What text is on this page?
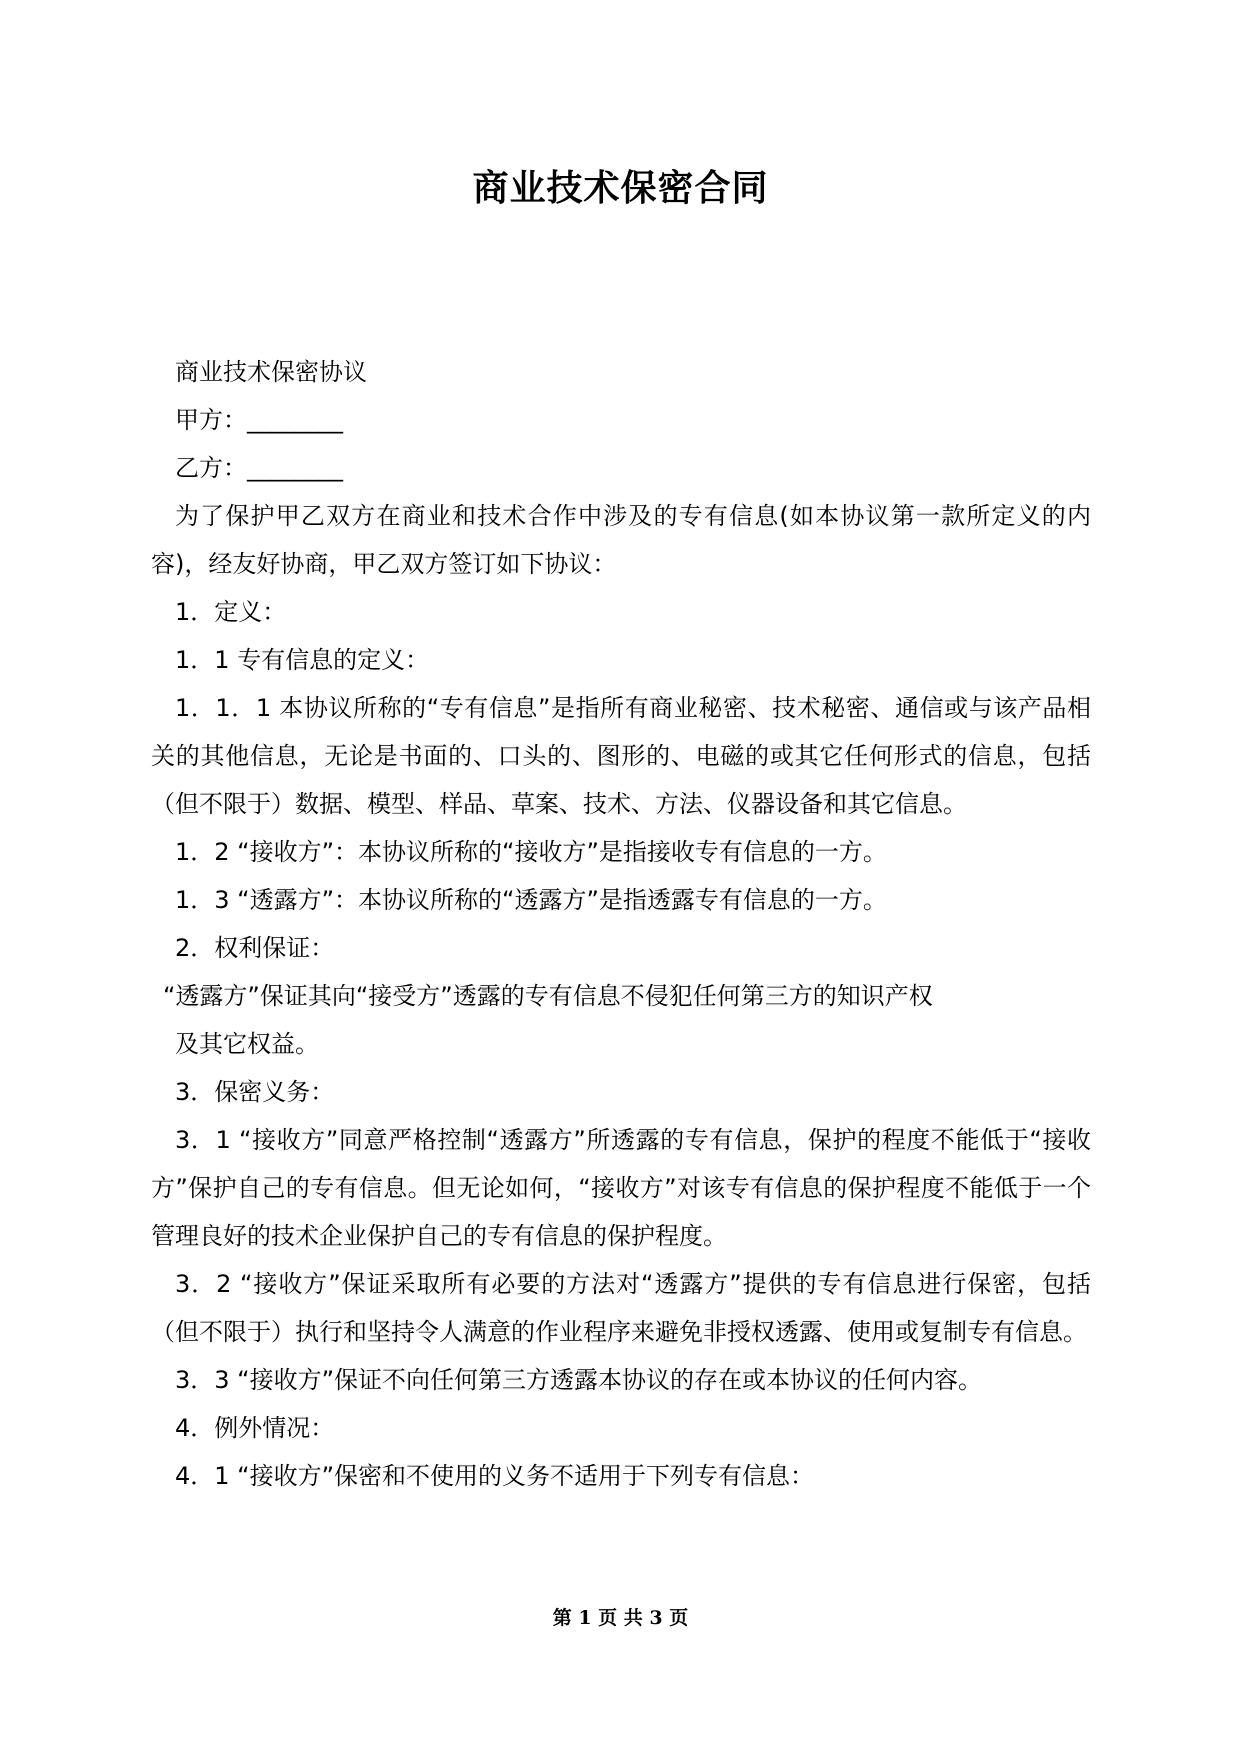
商业技术保密合同

商业技术保密协议

甲方：________

乙方：________

为了保护甲乙双方在商业和技术合作中涉及的专有信息(如本协议第一款所定义的内容)，经友好协商，甲乙双方签订如下协议：

1．定义：

1．1 专有信息的定义：

1．1．1 本协议所称的“专有信息”是指所有商业秘密、技术秘密、通信或与该产品相关的其他信息，无论是书面的、口头的、图形的、电磁的或其它任何形式的信息，包括（但不限于）数据、模型、样品、草案、技术、方法、仪器设备和其它信息。

1．2 “接收方”：本协议所称的“接收方”是指接收专有信息的一方。

1．3 “透露方”：本协议所称的“透露方”是指透露专有信息的一方。

2．权利保证：

“透露方”保证其向“接受方”透露的专有信息不侵犯任何第三方的知识产权

及其它权益。

3．保密义务：

3．1 “接收方”同意严格控制“透露方”所透露的专有信息，保护的程度不能低于“接收方”保护自己的专有信息。但无论如何，“接收方”对该专有信息的保护程度不能低于一个管理良好的技术企业保护自己的专有信息的保护程度。

3．2 “接收方”保证采取所有必要的方法对“透露方”提供的专有信息进行保密，包括（但不限于）执行和坚持令人满意的作业程序来避免非授权透露、使用或复制专有信息。

3．3 “接收方”保证不向任何第三方透露本协议的存在或本协议的任何内容。

4．例外情况：

4．1 “接收方”保密和不使用的义务不适用于下列专有信息：

第 1 页 共 3 页
